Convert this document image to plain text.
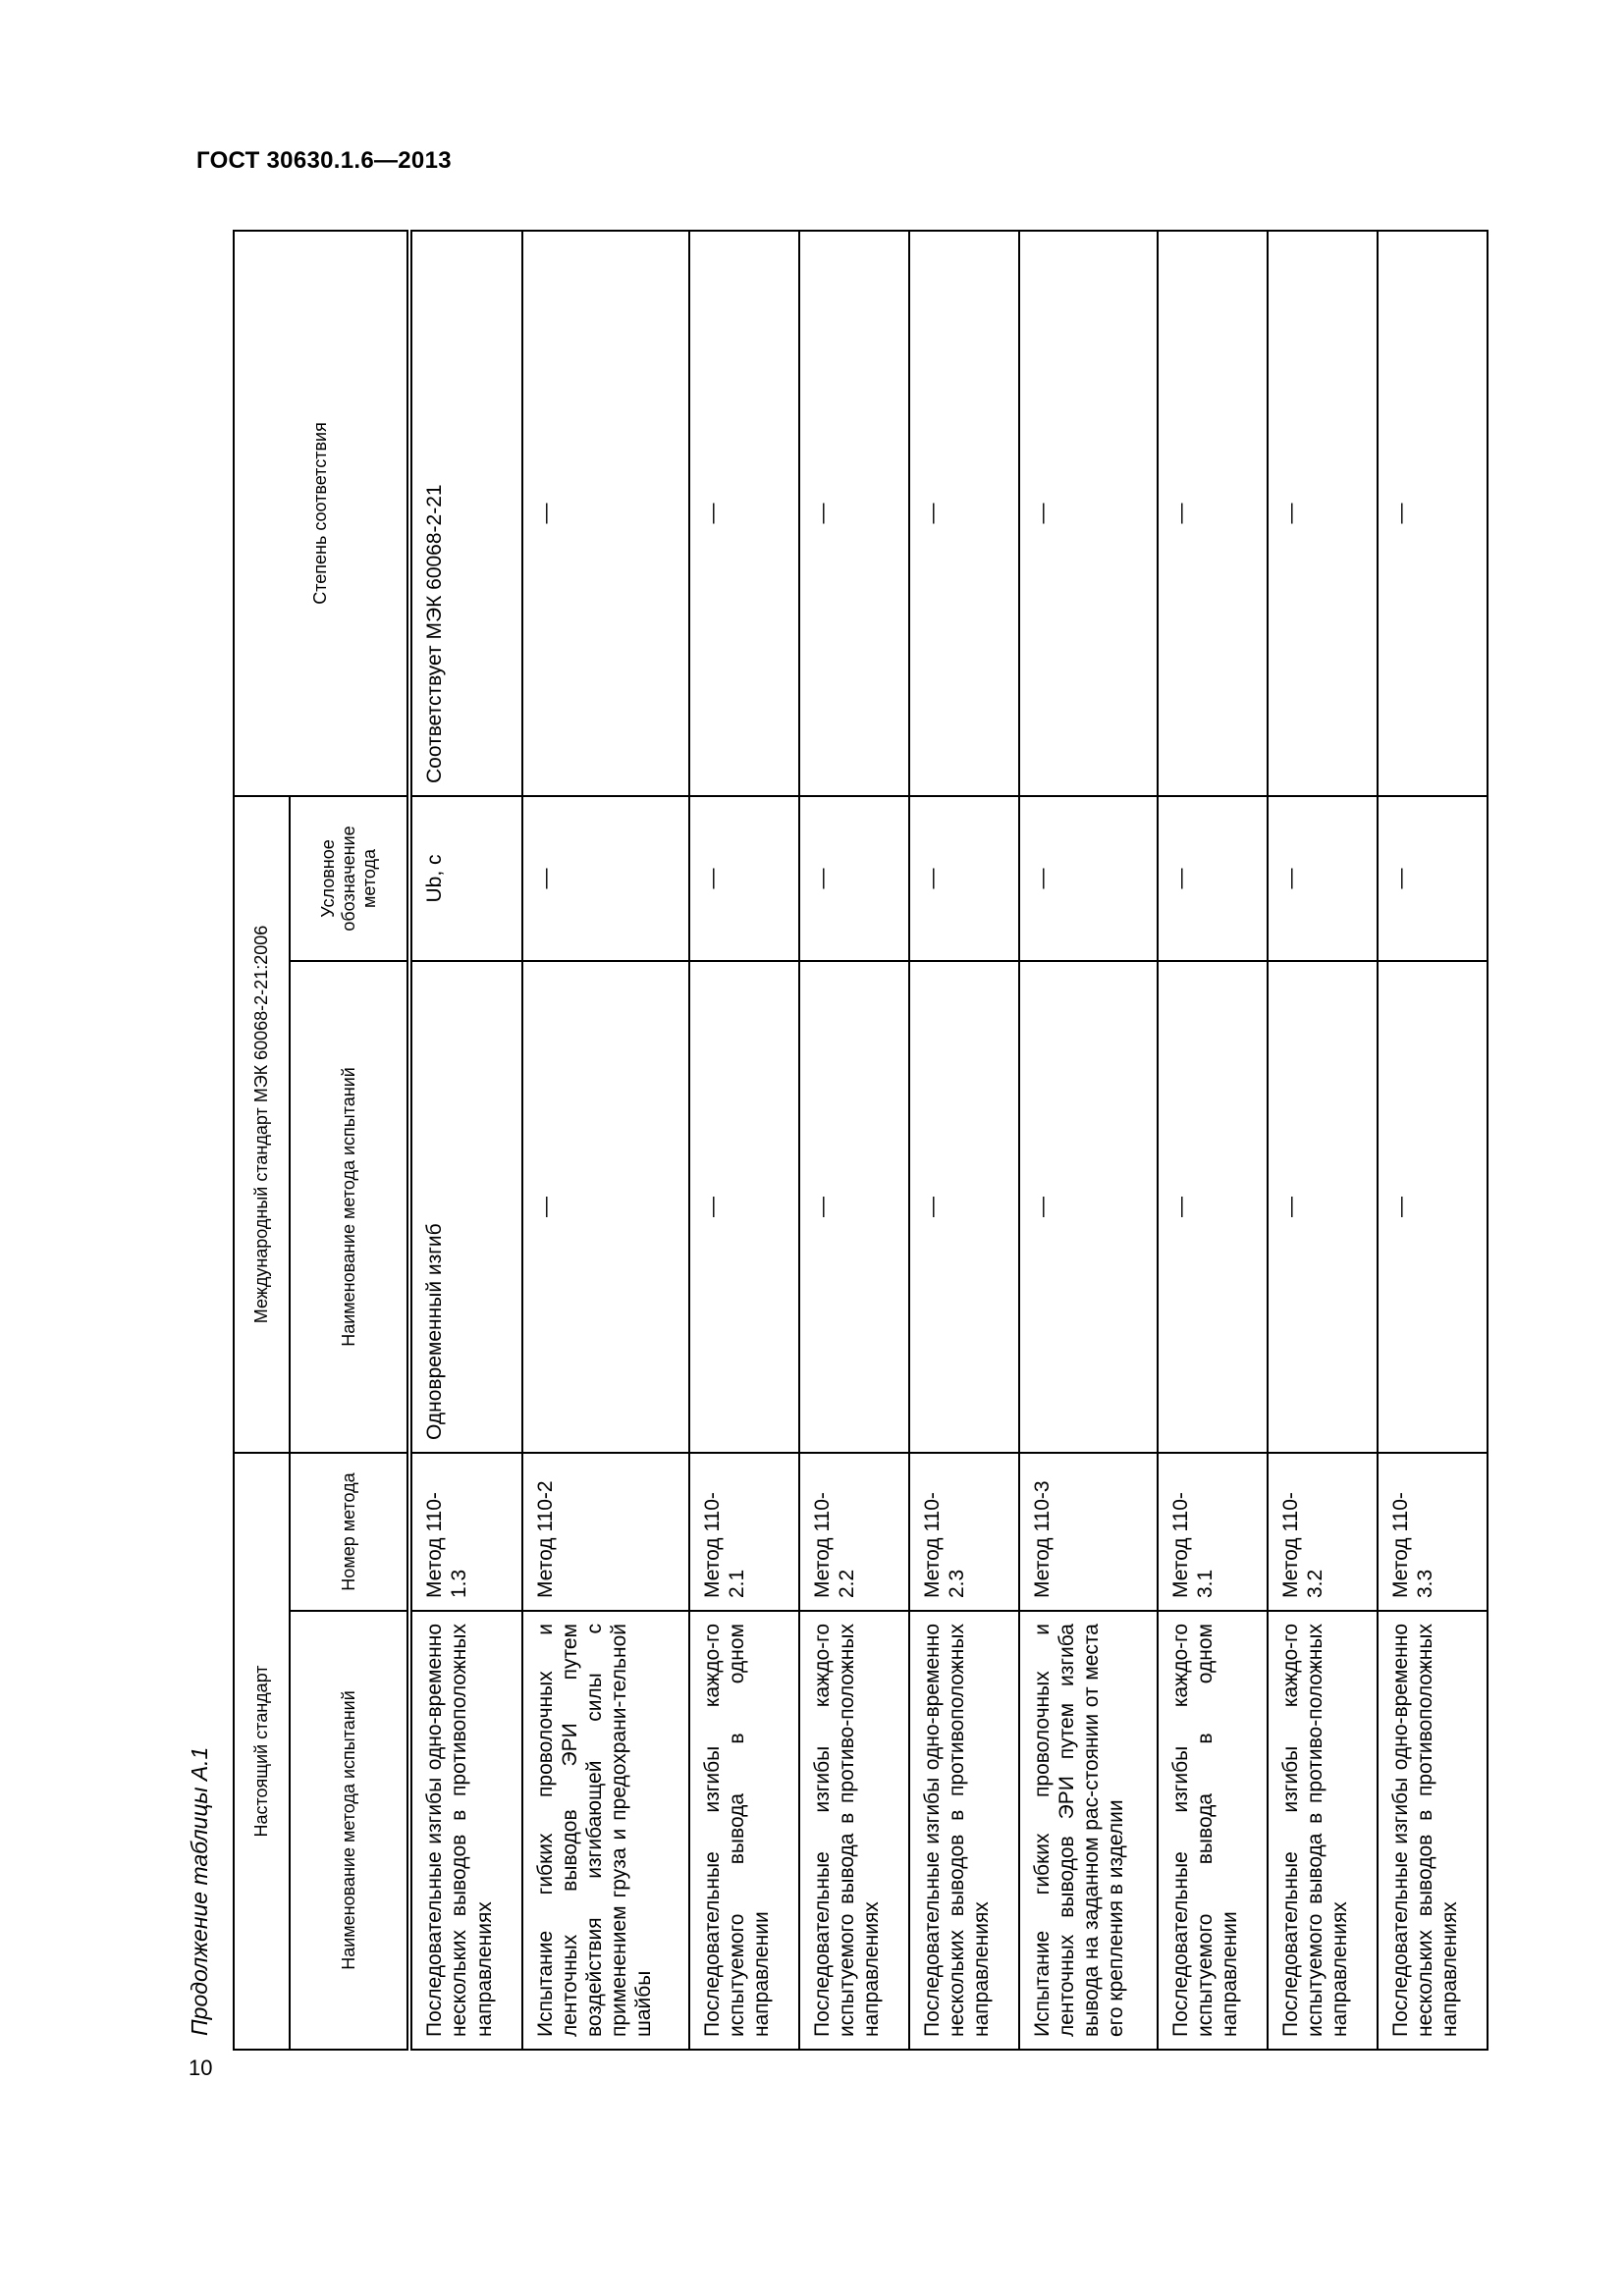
ГОСТ 30630.1.6—2013
10
Продолжение таблицы А.1 Настоящий стандарт		Международный стандарт МЭК 60068-2-21:2006		Степень соответствия
Наименование метода испытаний	Номер метода	Наименование метода испытаний	Условное обозначение метода	
Последовательные изгибы одно-временно нескольких выводов в противоположных направлениях	Метод 110-1.3	Одновременный изгиб	Ub, c	Соответствует МЭК 60068-2-21
Испытание гибких проволочных и ленточных выводов ЭРИ путем воздействия изгибающей силы с применением груза и предохрани-тельной шайбы	Метод 110-2	—	—	—
Последовательные изгибы каждо-го испытуемого вывода в одном направлении	Метод 110-2.1	—	—	—
Последовательные изгибы каждо-го испытуемого вывода в противо-положных направлениях	Метод 110-2.2	—	—	—
Последовательные изгибы одно-временно нескольких выводов в противоположных направлениях	Метод 110-2.3	—	—	—
Испытание гибких проволочных и ленточных выводов ЭРИ путем изгиба вывода на заданном рас-стоянии от места его крепления в изделии	Метод 110-3	—	—	—
Последовательные изгибы каждо-го испытуемого вывода в одном направлении	Метод 110-3.1	—	—	—
Последовательные изгибы каждо-го испытуемого вывода в противо-положных направлениях	Метод 110-3.2	—	—	—
Последовательные изгибы одно-временно нескольких выводов в противоположных направлениях	Метод 110-3.3	—	—	—
